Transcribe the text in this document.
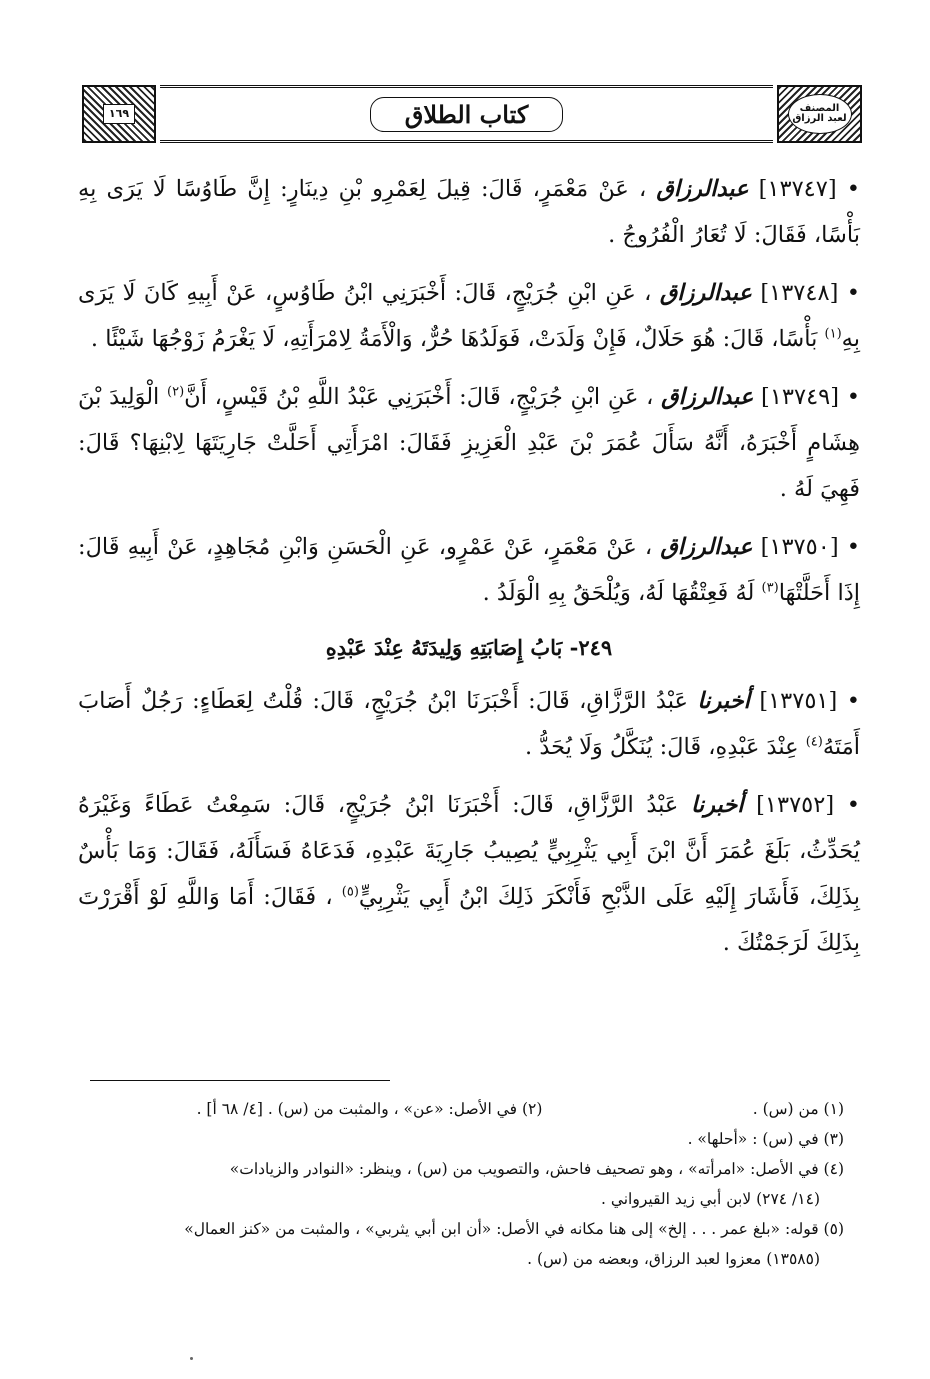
١٦٩	كتاب الطلاق	المصنف لعبد الرزاق

• [١٣٧٤٧] عبدالرزاق ، عَنْ مَعْمَرٍ، قَالَ: قِيلَ لِعَمْرِو بْنِ دِينَارٍ: إِنَّ طَاوُسًا لَا يَرَى بِهِ بَأْسًا، فَقَالَ: لَا تُعَارُ الْفُرُوجُ .

• [١٣٧٤٨] عبدالرزاق ، عَنِ ابْنِ جُرَيْجٍ، قَالَ: أَخْبَرَنِي ابْنُ طَاوُسٍ، عَنْ أَبِيهِ كَانَ لَا يَرَى بِهِ$^{(١)}$ بَأْسًا، قَالَ: هُوَ حَلَالٌ، فَإِنْ وَلَدَتْ، فَوَلَدُهَا حُرٌّ، وَالْأَمَةُ لِامْرَأَتِهِ، لَا يَغْرَمُ زَوْجُهَا شَيْئًا .

• [١٣٧٤٩] عبدالرزاق ، عَنِ ابْنِ جُرَيْجٍ، قَالَ: أَخْبَرَنِي عَبْدُ اللَّهِ بْنُ قَيْسٍ، أَنَّ$^{(٢)}$ الْوَلِيدَ بْنَ هِشَامٍ أَخْبَرَهُ، أَنَّهُ سَأَلَ عُمَرَ بْنَ عَبْدِ الْعَزِيزِ فَقَالَ: امْرَأَتِي أَحَلَّتْ جَارِيَتَهَا لِابْنِهَا؟ قَالَ: فَهِيَ لَهُ .

• [١٣٧٥٠] عبدالرزاق ، عَنْ مَعْمَرٍ، عَنْ عَمْرٍو، عَنِ الْحَسَنِ وَابْنِ مُجَاهِدٍ، عَنْ أَبِيهِ قَالَ: إِذَا أَحَلَّتْهَا$^{(٣)}$ لَهُ فَعِتْقُهَا لَهُ، وَيُلْحَقُ بِهِ الْوَلَدُ .

٢٤٩- بَابُ إِصَابَتِهِ وَلِيدَتَهُ عِنْدَ عَبْدِهِ

• [١٣٧٥١] أخبرنا عَبْدُ الرَّزَّاقِ، قَالَ: أَخْبَرَنَا ابْنُ جُرَيْجٍ، قَالَ: قُلْتُ لِعَطَاءٍ: رَجُلٌ أَصَابَ أَمَتَهُ$^{(٤)}$ عِنْدَ عَبْدِهِ، قَالَ: يُنَكَّلُ وَلَا يُحَدُّ .

• [١٣٧٥٢] أخبرنا عَبْدُ الرَّزَّاقِ، قَالَ: أَخْبَرَنَا ابْنُ جُرَيْجٍ، قَالَ: سَمِعْتُ عَطَاءً وَغَيْرَهُ يُحَدِّثُ، بَلَغَ عُمَرَ أَنَّ ابْنَ أَبِي يَثْرِبِيٍّ يُصِيبُ جَارِيَةَ عَبْدِهِ، فَدَعَاهُ فَسَأَلَهُ، فَقَالَ: وَمَا بَأْسٌ بِذَلِكَ، فَأَشَارَ إِلَيْهِ عَلَى الذَّبْحِ فَأَنْكَرَ ذَلِكَ ابْنُ أَبِي يَثْرِبِيٍّ$^{(٥)}$ ، فَقَالَ: أَمَا وَاللَّهِ لَوْ أَقْرَرْتَ بِذَلِكَ لَرَجَمْتُكَ .

(١) من (س) .
(٢) في الأصل: «عن» ، والمثبت من (س) . [٤/ ٦٨ أ] .
(٣) في (س) : «أحلها» .
(٤) في الأصل: «امرأته» ، وهو تصحيف فاحش، والتصويب من (س) ، وينظر: «النوادر والزيادات»
(١٤/ ٢٧٤) لابن أبي زيد القيرواني .
(٥) قوله: «بلغ عمر . . . إلخ» إلى هنا مكانه في الأصل: «أن ابن أبي يثربي» ، والمثبت من «كنز العمال»
(١٣٥٨٥) معزوا لعبد الرزاق، وبعضه من (س) .
